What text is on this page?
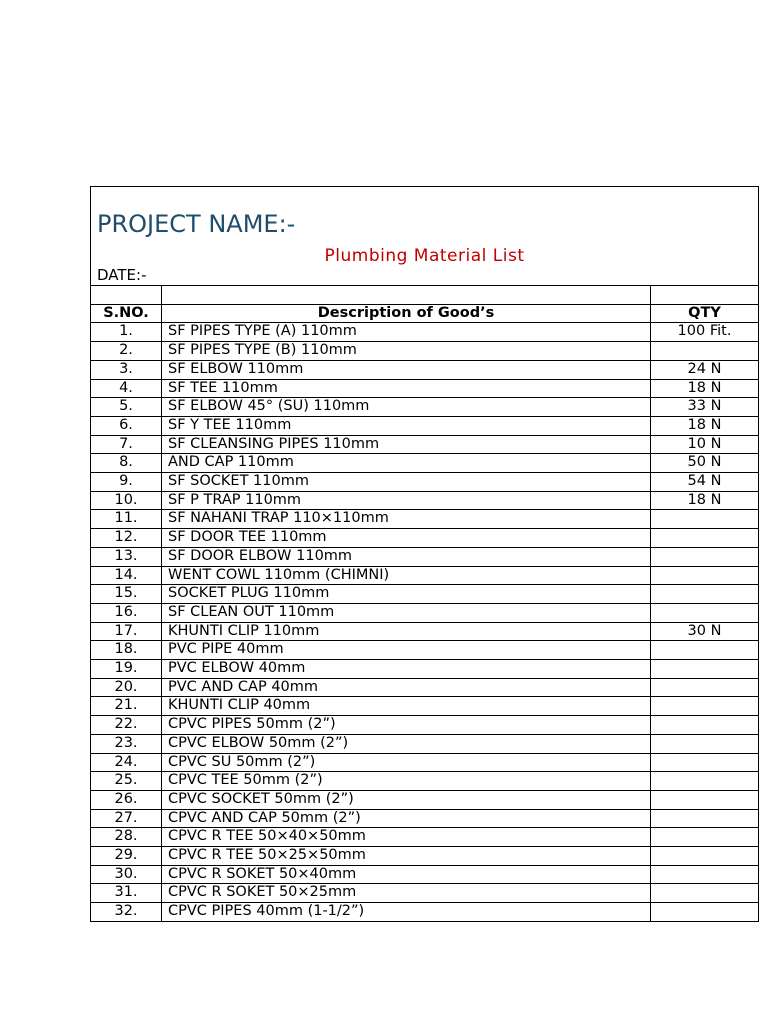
PROJECT NAME:-
Plumbing Material List
DATE:-		

S.NO.	Description of Good’s	QTY
1.	SF PIPES TYPE (A) 110mm	100 Fit.
2.	SF PIPES TYPE (B) 110mm	
3.	SF ELBOW 110mm	24 N
4.	SF TEE 110mm	18 N
5.	SF ELBOW 45° (SU) 110mm	33 N
6.	SF Y TEE 110mm	18 N
7.	SF CLEANSING PIPES 110mm	10 N
8.	AND CAP 110mm	50 N
9.	SF SOCKET 110mm	54 N
10.	SF P TRAP 110mm	18 N
11.	SF NAHANI TRAP 110×110mm	
12.	SF DOOR TEE 110mm	
13.	SF DOOR ELBOW 110mm	
14.	WENT COWL 110mm (CHIMNI)	
15.	SOCKET PLUG 110mm	
16.	SF CLEAN OUT 110mm	
17.	KHUNTI CLIP 110mm	30 N
18.	PVC PIPE 40mm	
19.	PVC ELBOW 40mm	
20.	PVC AND CAP 40mm	
21.	KHUNTI CLIP 40mm	
22.	CPVC PIPES 50mm (2”)	
23.	CPVC ELBOW 50mm (2”)	
24.	CPVC SU 50mm (2”)	
25.	CPVC TEE 50mm (2”)	
26.	CPVC SOCKET 50mm (2”)	
27.	CPVC AND CAP 50mm (2”)	
28.	CPVC R TEE 50×40×50mm	
29.	CPVC R TEE 50×25×50mm	
30.	CPVC R SOKET 50×40mm	
31.	CPVC R SOKET 50×25mm	
32.	CPVC PIPES 40mm (1-1/2”)	
